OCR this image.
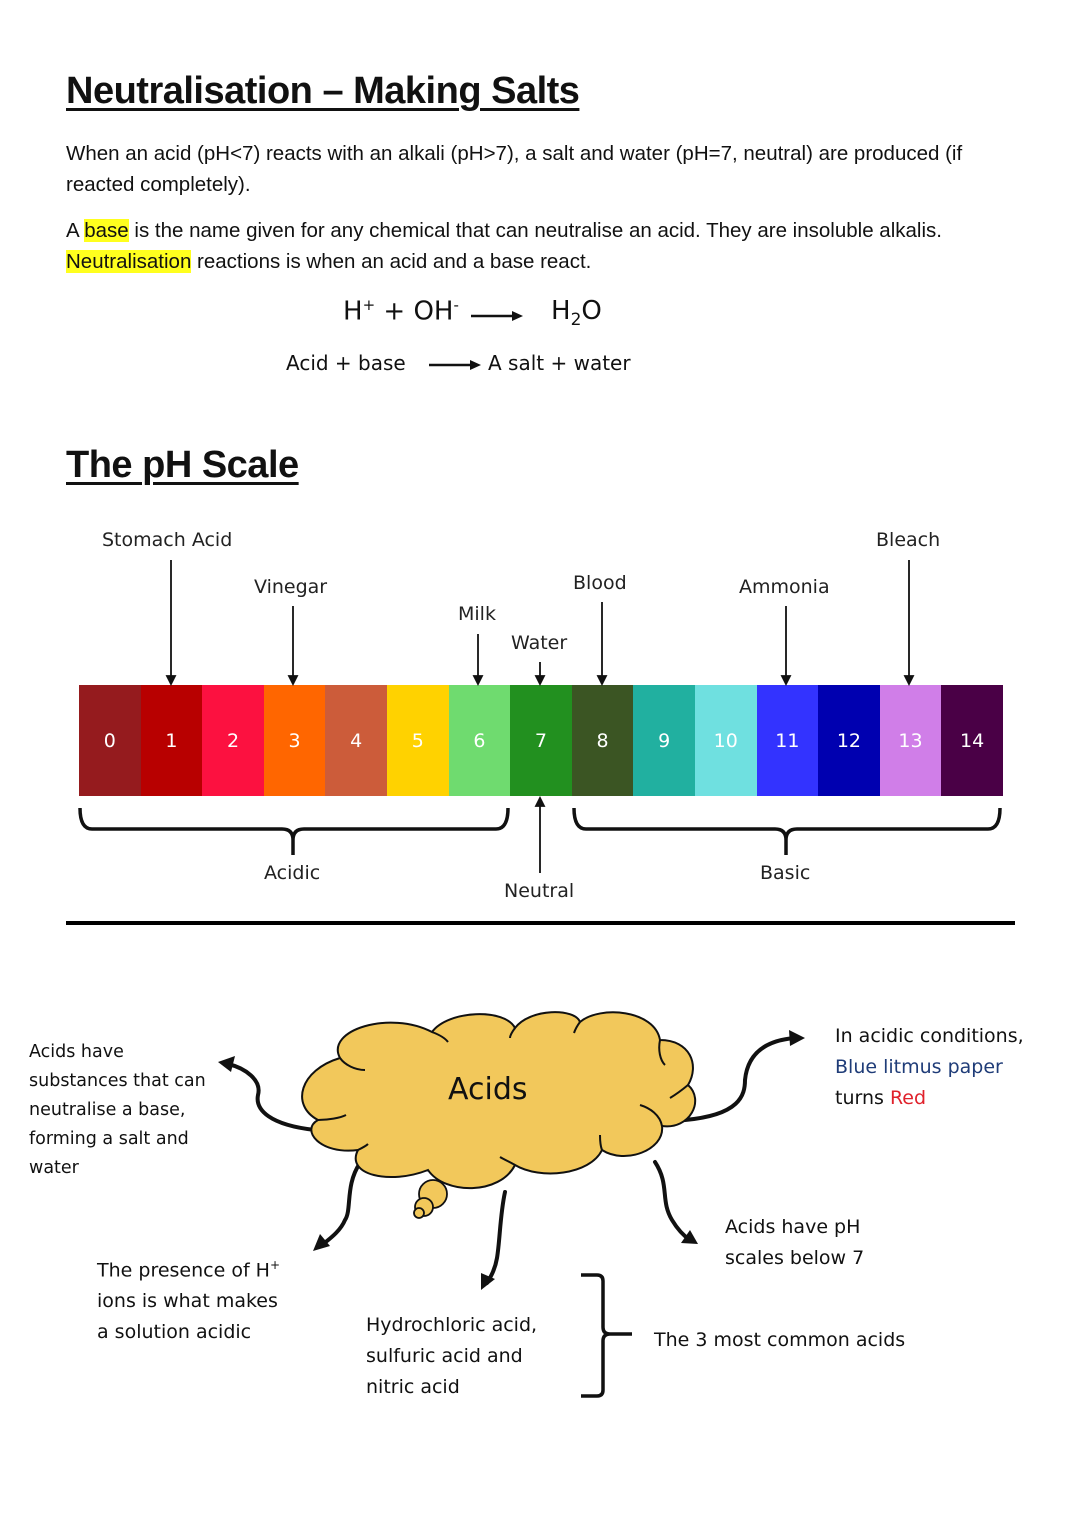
Neutralisation – Making Salts
When an acid (pH<7) reacts with an alkali (pH>7), a salt and water (pH=7, neutral) are produced (if reacted completely).
A base is the name given for any chemical that can neutralise an acid. They are insoluble alkalis.
Neutralisation reactions is when an acid and a base react.
H+ + OH-	$H_2O$
Acid + base	A salt + water
The pH Scale
Stomach Acid
Vinegar
Milk
Water
Blood	Ammonia
Bleach
0	1	2	3	4	5	6	7	8	9 10 11 12 13 14
Acidic
Neutral
Basic
Acids
Acids have
substances that can
neutralise a base,
forming a salt and
water
In acidic conditions,
Blue litmus paper
turns Red
The presence of H+
ions is what makes
a solution acidic	Hydrochloric acid,
sulfuric acid and
nitric acid
Acids have pH
scales below 7
The 3 most common acids
